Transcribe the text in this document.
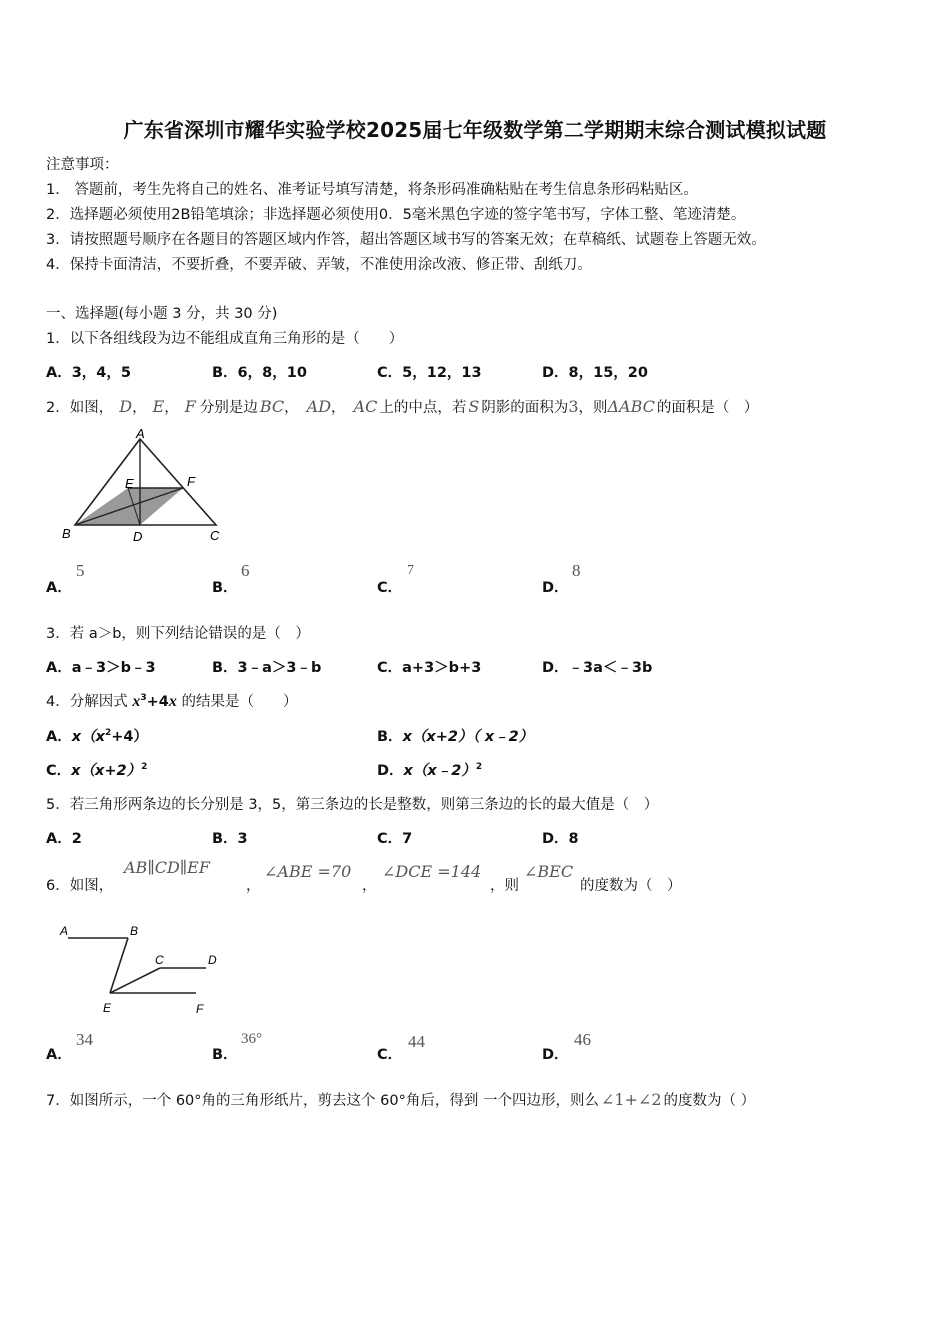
广东省深圳市耀华实验学校2025届七年级数学第二学期期末综合测试模拟试题
注意事项：
1． 答题前，考生先将自己的姓名、准考证号填写清楚，将条形码准确粘贴在考生信息条形码粘贴区。
2．选择题必须使用2B铅笔填涂；非选择题必须使用0．5毫米黑色字迹的签字笔书写，字体工整、笔迹清楚。
3．请按照题号顺序在各题目的答题区域内作答，超出答题区域书写的答案无效；在草稿纸、试题卷上答题无效。
4．保持卡面清洁，不要折叠，不要弄破、弄皱，不准使用涂改液、修正带、刮纸刀。
一、选择题(每小题 3 分，共 30 分)
1．以下各组线段为边不能组成直角三角形的是（　　）
A．3，4，5	B．6，8，10	C．5，12，13	D．8，15，20
2．如图， D， E， F 分别是边 BC， AD， AC 上的中点，若 S 阴影的面积为3，则ΔABC 的面积是（　）
A
B	C
D
E	F
A．
5
B．
6
C．
7
D．
8
3．若 a＞b，则下列结论错误的是（　）
A．a﹣3＞b﹣3	B．3﹣a＞3﹣b	C．a+3＞b+3	D．﹣3a＜﹣3b
4．分解因式 $x^3+4x$ 的结果是（　　）
A．$x(x^2+4)$	B．x（x+2）（ x﹣2）
C．$x(x+2)^2$	D．x（x﹣2）$^2$
5．若三角形两条边的长分别是 3，5，第三条边的长是整数，则第三条边的长的最大值是（　）
A．2	B．3	C．7	D．8
6．如图，
AB∥CD∥EF
，
∠ABE =70
，
∠DCE =144
，则
∠BEC
的度数为（　）
A	B
C	D
E	F
A．
34
B．
36°
C．
44
D．
46
7．如图所示，一个 60°角的三角形纸片，剪去这个 60°角后，得到 一个四边形，则么 ∠1+∠2 的度数为（ ）
